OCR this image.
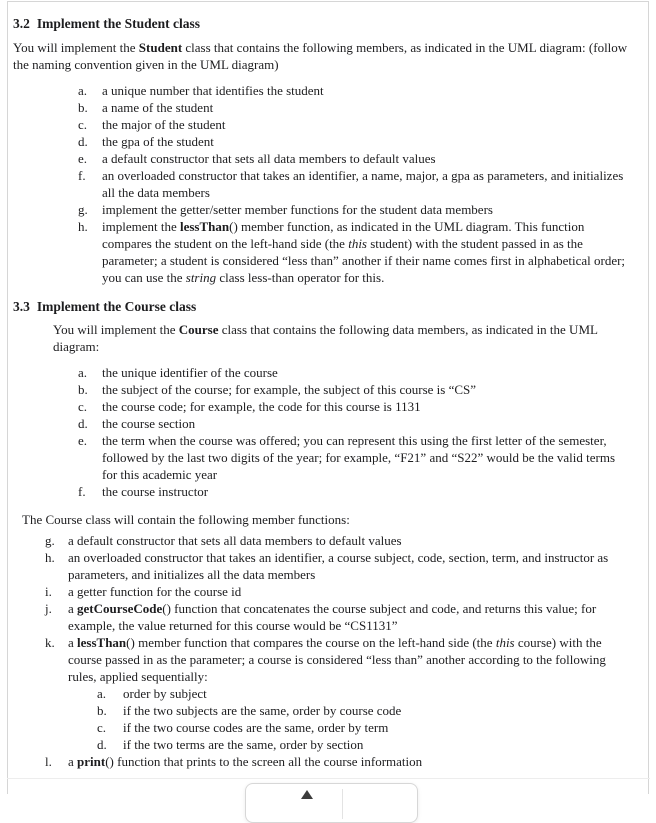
3.2 Implement the Student class

You will implement the Student class that contains the following members, as indicated in the UML diagram: (follow the naming convention given in the UML diagram)

a.	a unique number that identifies the student
b.	a name of the student
c.	the major of the student
d.	the gpa of the student
e.	a default constructor that sets all data members to default values
f.	an overloaded constructor that takes an identifier, a name, major, a gpa as parameters, and initializes all the data members
g.	implement the getter/setter member functions for the student data members
h.	implement the lessThan() member function, as indicated in the UML diagram. This function compares the student on the left-hand side (the this student) with the student passed in as the parameter; a student is considered “less than” another if their name comes first in alphabetical order; you can use the string class less-than operator for this.
3.3 Implement the Course class

You will implement the Course class that contains the following data members, as indicated in the UML diagram:

a.	the unique identifier of the course
b.	the subject of the course; for example, the subject of this course is “CS”
c.	the course code; for example, the code for this course is 1131
d.	the course section
e.	the term when the course was offered; you can represent this using the first letter of the semester, followed by the last two digits of the year; for example, “F21” and “S22” would be the valid terms for this academic year
f.	the course instructor

The Course class will contain the following member functions:

g.	a default constructor that sets all data members to default values
h.	an overloaded constructor that takes an identifier, a course subject, code, section, term, and instructor as parameters, and initializes all the data members
i.	a getter function for the course id
j.	a getCourseCode() function that concatenates the course subject and code, and returns this value; for example, the value returned for this course would be “CS1131”
k.	a lessThan() member function that compares the course on the left-hand side (the this course) with the course passed in as the parameter; a course is considered “less than” another according to the following rules, applied sequentially:
a.	order by subject
b.	if the two subjects are the same, order by course code
c.	if the two course codes are the same, order by term
d.	if the two terms are the same, order by section
l.	a print() function that prints to the screen all the course information
